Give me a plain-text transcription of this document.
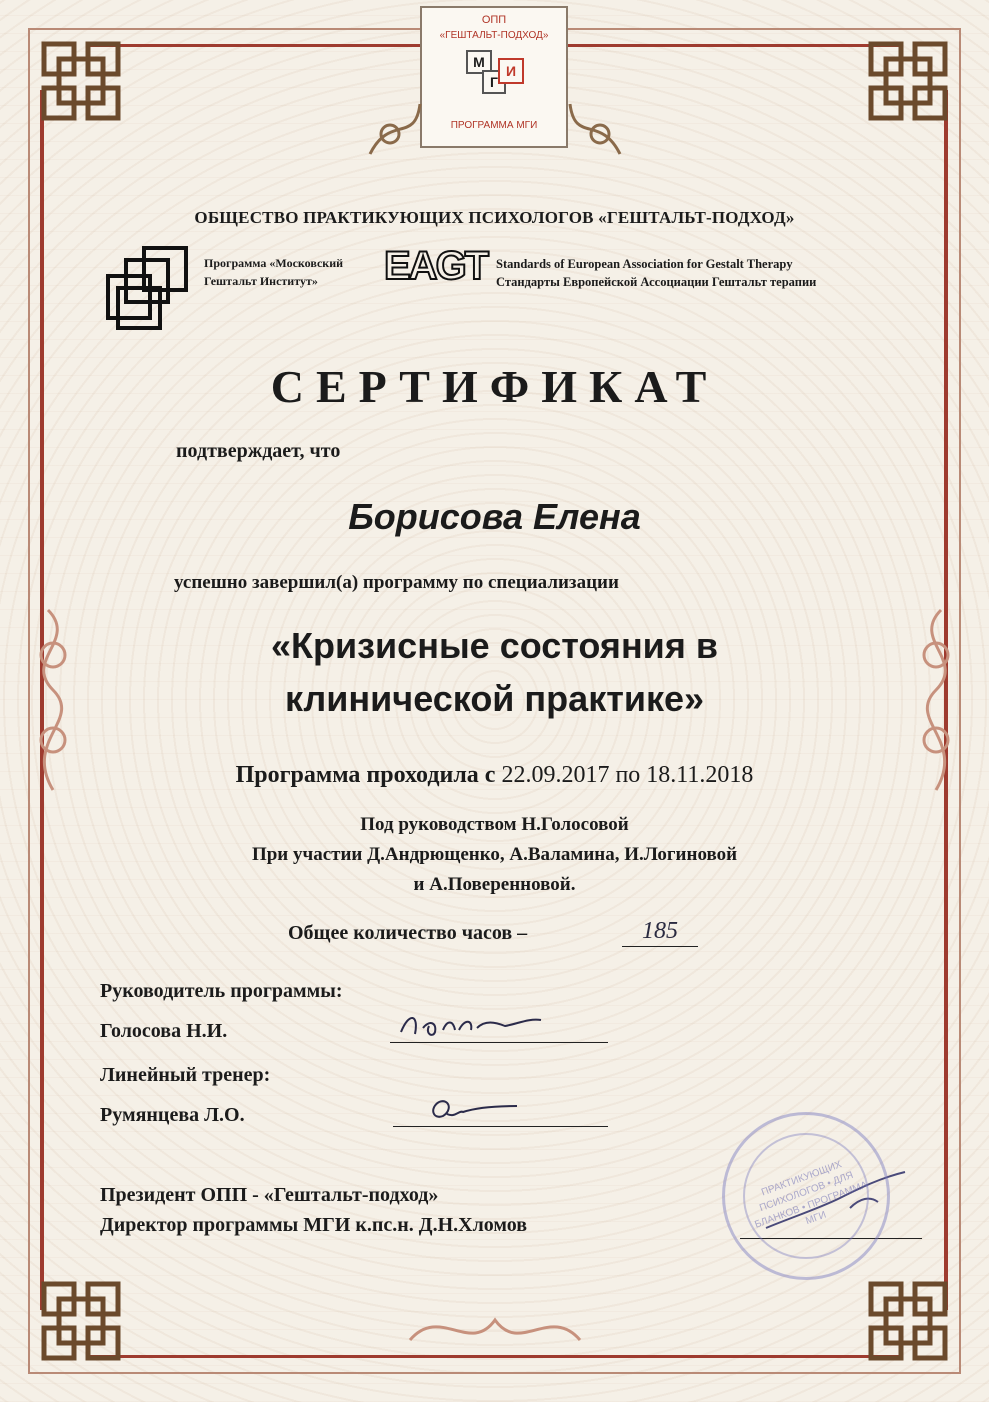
ОПП
«ГЕШТАЛЬТ-ПОДХОД»
М
Г
И
ПРОГРАММА МГИ
ОБЩЕСТВО ПРАКТИКУЮЩИХ ПСИХОЛОГОВ «ГЕШТАЛЬТ-ПОДХОД»
Программа «Московский
Гештальт Институт» EAGT Standards of European Association for Gestalt Therapy
Стандарты Европейской Ассоциации Гештальт терапии
СЕРТИФИКАТ
подтверждает, что
Борисова Елена
успешно завершил(а) программу по специализации
«Кризисные состояния в
клинической практике»
Программа проходила с 22.09.2017 по 18.11.2018
Под руководством Н.Голосовой
При участии Д.Андрющенко, А.Валамина, И.Логиновой
и А.Поверенновой.
Общее количество часов –	185
Руководитель программы:
Голосова Н.И.
Линейный тренер:
Румянцева Л.О.
Президент ОПП - «Гештальт-подход»
Директор программы МГИ к.пс.н. Д.Н.Хломов
ПРАКТИКУЮЩИХ ПСИХОЛОГОВ • ДЛЯ БЛАНКОВ • ПРОГРАММА МГИ
